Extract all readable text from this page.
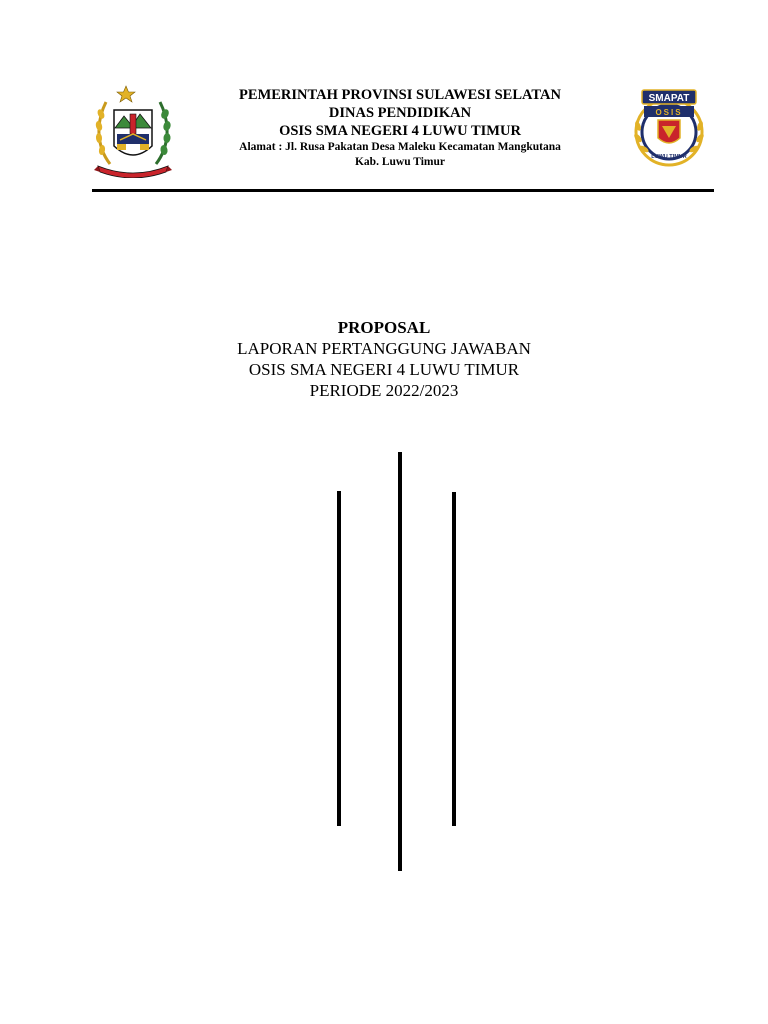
PEMERINTAH PROVINSI SULAWESI SELATAN
DINAS PENDIDIKAN
OSIS SMA NEGERI 4 LUWU TIMUR
Alamat : Jl. Rusa Pakatan Desa Maleku Kecamatan Mangkutana
Kab. Luwu Timur
SMAPAT
OSIS
LUWU TIMUR
PROPOSAL
LAPORAN PERTANGGUNG JAWABAN
OSIS SMA NEGERI 4 LUWU TIMUR
PERIODE 2022/2023
